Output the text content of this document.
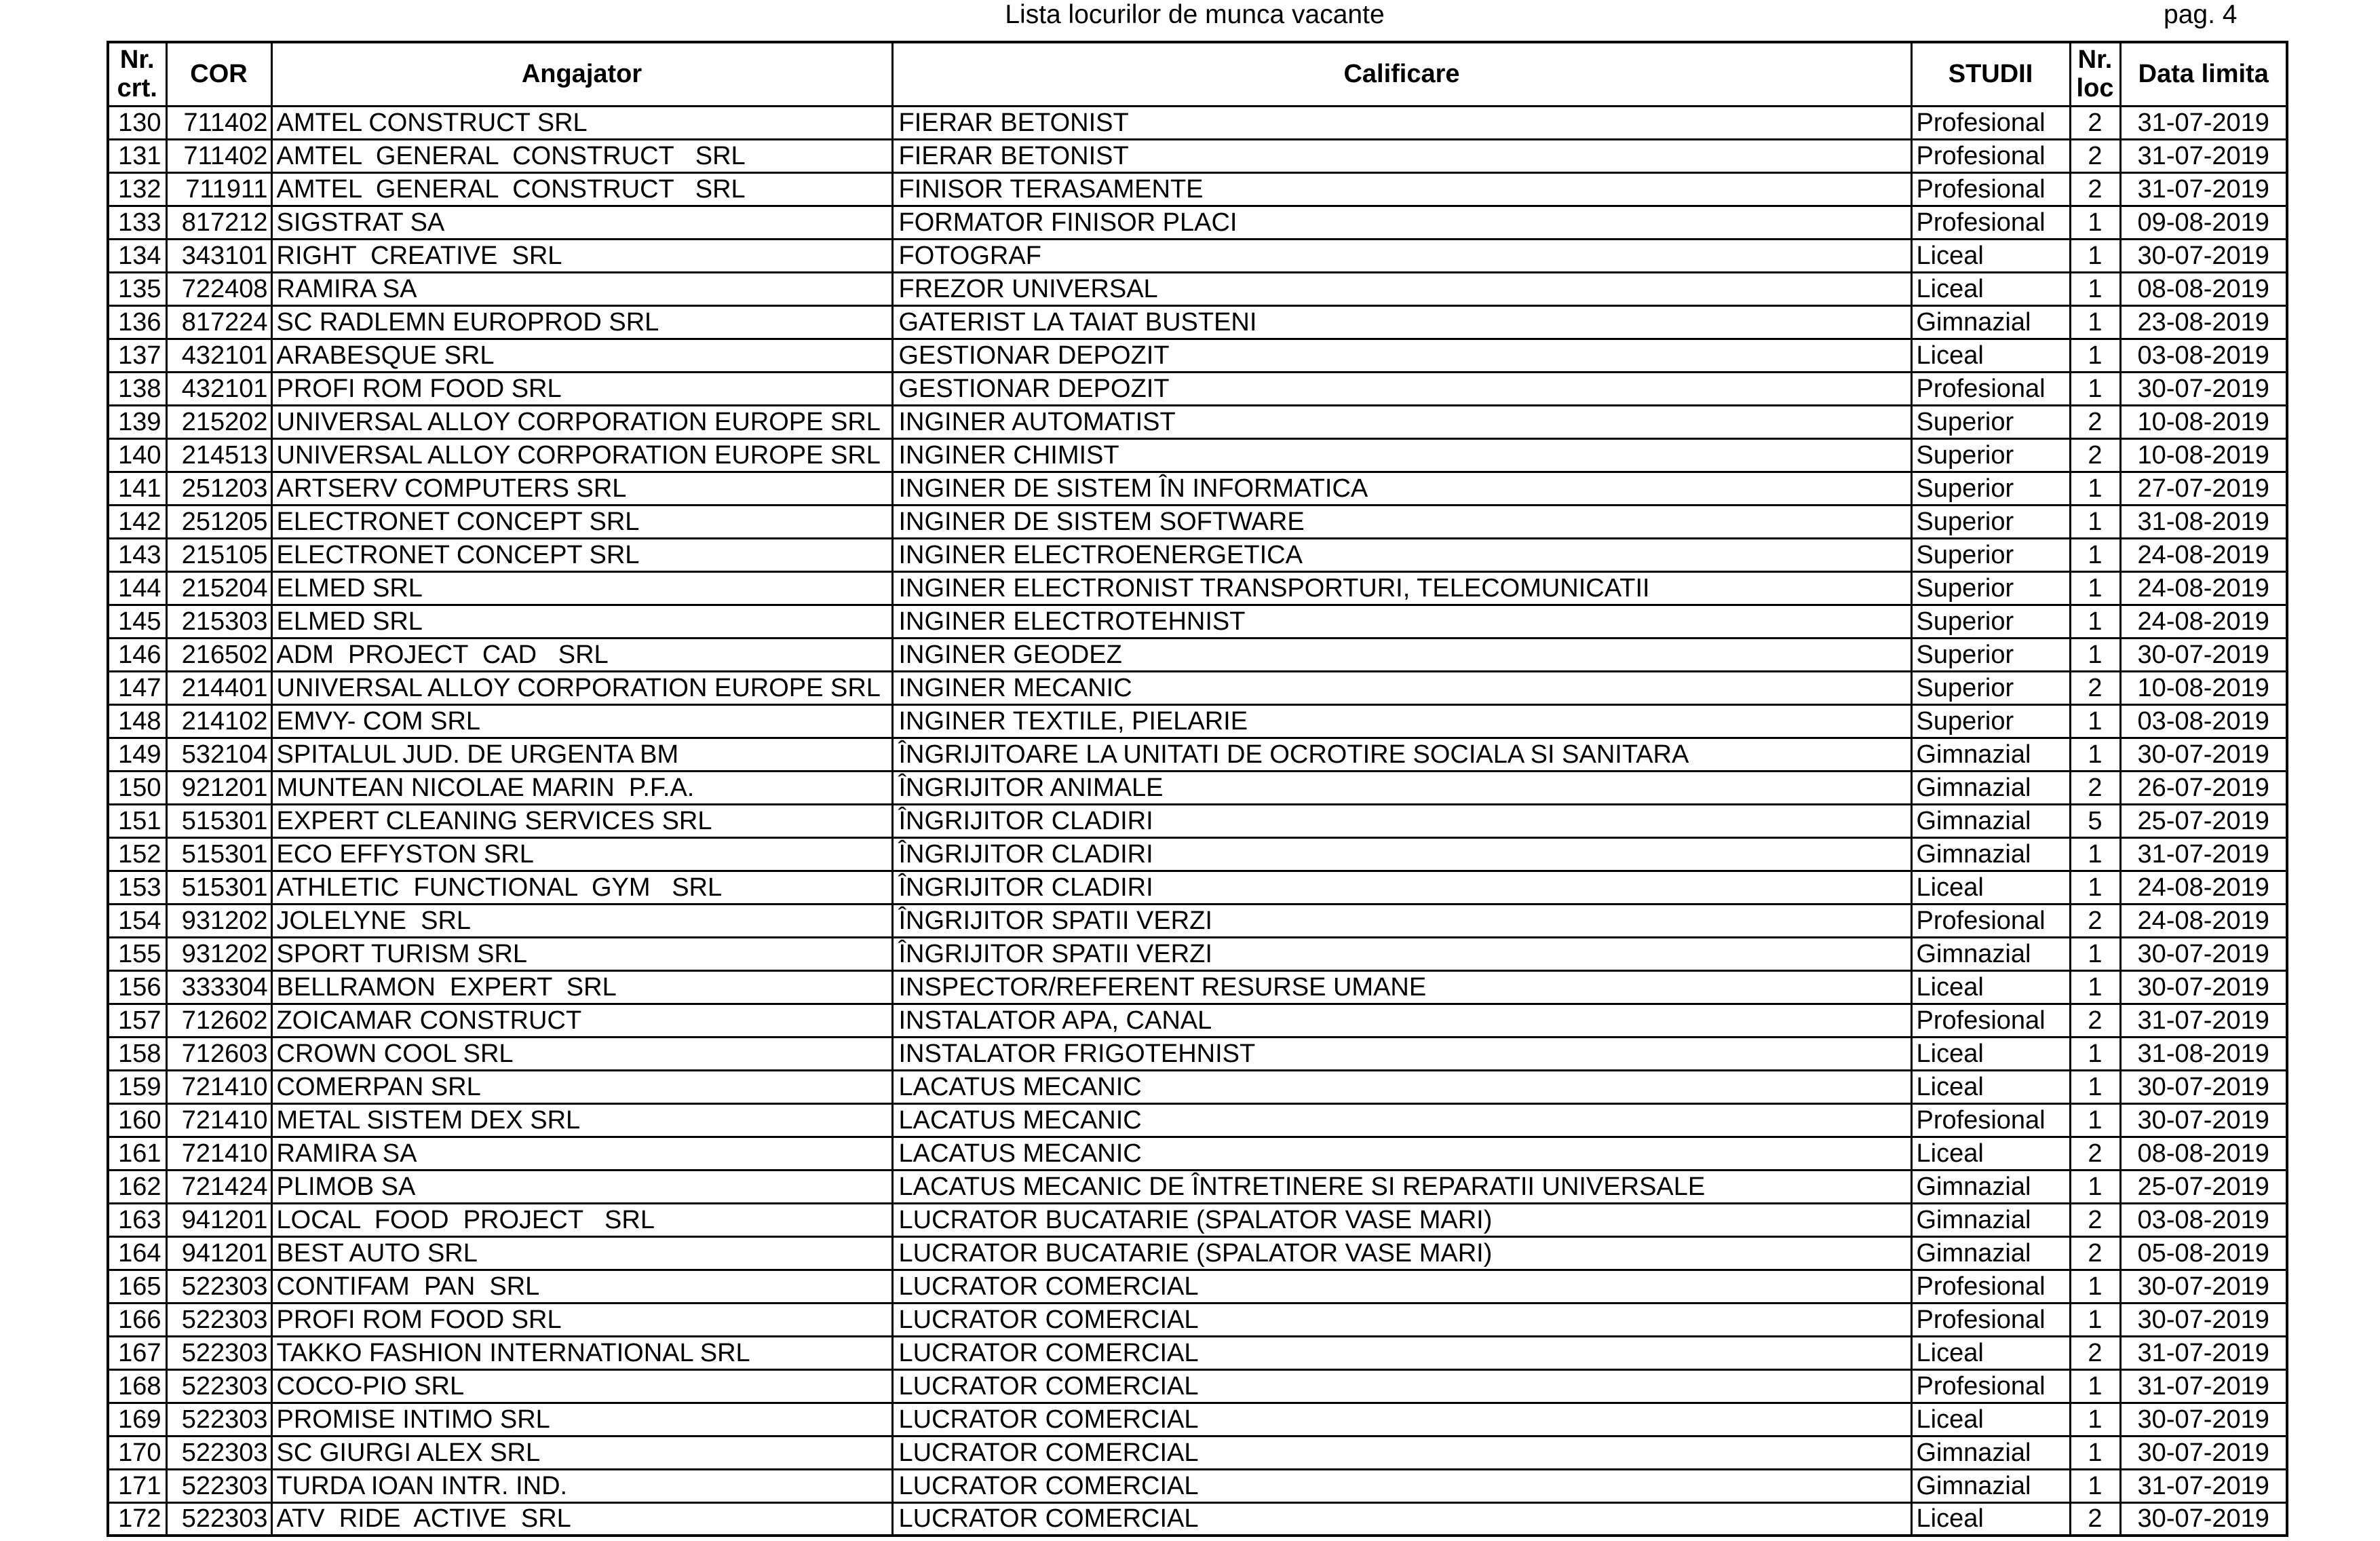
Lista locurilor de munca vacante	pag. 4
Nr.
crt.	COR	Angajator	Calificare	STUDII	Nr.
loc	Data limita
130	711402	AMTEL CONSTRUCT SRL	FIERAR BETONIST	Profesional	2	31-07-2019
131	711402	AMTEL  GENERAL  CONSTRUCT   SRL	FIERAR BETONIST	Profesional	2	31-07-2019
132	711911	AMTEL  GENERAL  CONSTRUCT   SRL	FINISOR TERASAMENTE	Profesional	2	31-07-2019
133	817212	SIGSTRAT SA	FORMATOR FINISOR PLACI	Profesional	1	09-08-2019
134	343101	RIGHT  CREATIVE  SRL	FOTOGRAF	Liceal	1	30-07-2019
135	722408	RAMIRA SA	FREZOR UNIVERSAL	Liceal	1	08-08-2019
136	817224	SC RADLEMN EUROPROD SRL	GATERIST LA TAIAT BUSTENI	Gimnazial	1	23-08-2019
137	432101	ARABESQUE SRL	GESTIONAR DEPOZIT	Liceal	1	03-08-2019
138	432101	PROFI ROM FOOD SRL	GESTIONAR DEPOZIT	Profesional	1	30-07-2019
139	215202	UNIVERSAL ALLOY CORPORATION EUROPE SRL	INGINER AUTOMATIST	Superior	2	10-08-2019
140	214513	UNIVERSAL ALLOY CORPORATION EUROPE SRL	INGINER CHIMIST	Superior	2	10-08-2019
141	251203	ARTSERV COMPUTERS SRL	INGINER DE SISTEM ÎN INFORMATICA	Superior	1	27-07-2019
142	251205	ELECTRONET CONCEPT SRL	INGINER DE SISTEM SOFTWARE	Superior	1	31-08-2019
143	215105	ELECTRONET CONCEPT SRL	INGINER ELECTROENERGETICA	Superior	1	24-08-2019
144	215204	ELMED SRL	INGINER ELECTRONIST TRANSPORTURI, TELECOMUNICATII	Superior	1	24-08-2019
145	215303	ELMED SRL	INGINER ELECTROTEHNIST	Superior	1	24-08-2019
146	216502	ADM  PROJECT  CAD   SRL	INGINER GEODEZ	Superior	1	30-07-2019
147	214401	UNIVERSAL ALLOY CORPORATION EUROPE SRL	INGINER MECANIC	Superior	2	10-08-2019
148	214102	EMVY- COM SRL	INGINER TEXTILE, PIELARIE	Superior	1	03-08-2019
149	532104	SPITALUL JUD. DE URGENTA BM	ÎNGRIJITOARE LA UNITATI DE OCROTIRE SOCIALA SI SANITARA	Gimnazial	1	30-07-2019
150	921201	MUNTEAN NICOLAE MARIN  P.F.A.	ÎNGRIJITOR ANIMALE	Gimnazial	2	26-07-2019
151	515301	EXPERT CLEANING SERVICES SRL	ÎNGRIJITOR CLADIRI	Gimnazial	5	25-07-2019
152	515301	ECO EFFYSTON SRL	ÎNGRIJITOR CLADIRI	Gimnazial	1	31-07-2019
153	515301	ATHLETIC  FUNCTIONAL  GYM   SRL	ÎNGRIJITOR CLADIRI	Liceal	1	24-08-2019
154	931202	JOLELYNE  SRL	ÎNGRIJITOR SPATII VERZI	Profesional	2	24-08-2019
155	931202	SPORT TURISM SRL	ÎNGRIJITOR SPATII VERZI	Gimnazial	1	30-07-2019
156	333304	BELLRAMON  EXPERT  SRL	INSPECTOR/REFERENT RESURSE UMANE	Liceal	1	30-07-2019
157	712602	ZOICAMAR CONSTRUCT	INSTALATOR APA, CANAL	Profesional	2	31-07-2019
158	712603	CROWN COOL SRL	INSTALATOR FRIGOTEHNIST	Liceal	1	31-08-2019
159	721410	COMERPAN SRL	LACATUS MECANIC	Liceal	1	30-07-2019
160	721410	METAL SISTEM DEX SRL	LACATUS MECANIC	Profesional	1	30-07-2019
161	721410	RAMIRA SA	LACATUS MECANIC	Liceal	2	08-08-2019
162	721424	PLIMOB SA	LACATUS MECANIC DE ÎNTRETINERE SI REPARATII UNIVERSALE	Gimnazial	1	25-07-2019
163	941201	LOCAL  FOOD  PROJECT   SRL	LUCRATOR BUCATARIE (SPALATOR VASE MARI)	Gimnazial	2	03-08-2019
164	941201	BEST AUTO SRL	LUCRATOR BUCATARIE (SPALATOR VASE MARI)	Gimnazial	2	05-08-2019
165	522303	CONTIFAM  PAN  SRL	LUCRATOR COMERCIAL	Profesional	1	30-07-2019
166	522303	PROFI ROM FOOD SRL	LUCRATOR COMERCIAL	Profesional	1	30-07-2019
167	522303	TAKKO FASHION INTERNATIONAL SRL	LUCRATOR COMERCIAL	Liceal	2	31-07-2019
168	522303	COCO-PIO SRL	LUCRATOR COMERCIAL	Profesional	1	31-07-2019
169	522303	PROMISE INTIMO SRL	LUCRATOR COMERCIAL	Liceal	1	30-07-2019
170	522303	SC GIURGI ALEX SRL	LUCRATOR COMERCIAL	Gimnazial	1	30-07-2019
171	522303	TURDA IOAN INTR. IND.	LUCRATOR COMERCIAL	Gimnazial	1	31-07-2019
172	522303	ATV  RIDE  ACTIVE  SRL	LUCRATOR COMERCIAL	Liceal	2	30-07-2019
